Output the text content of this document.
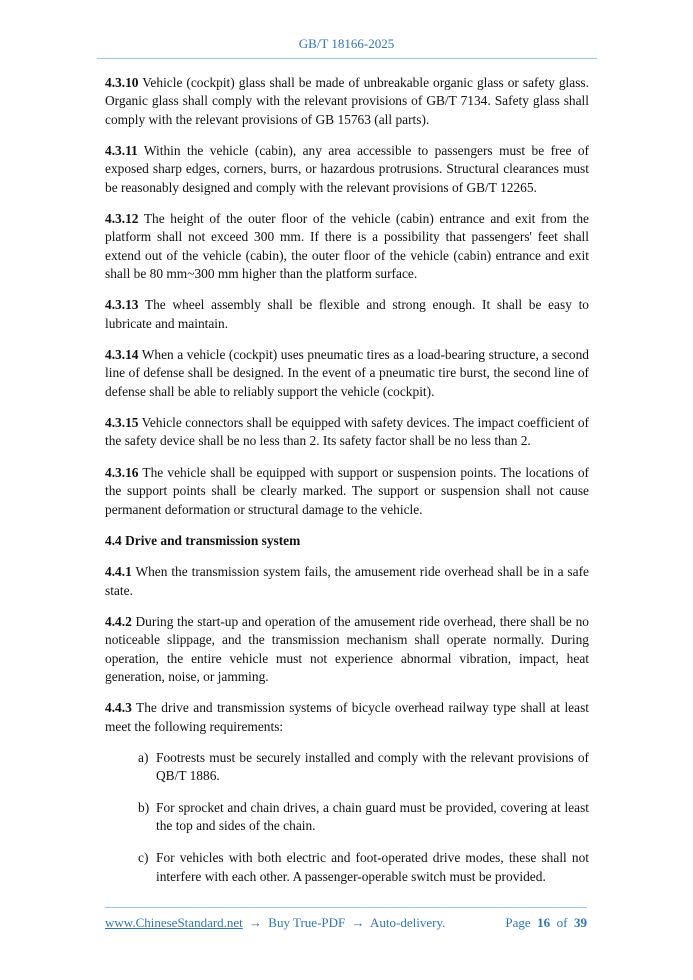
GB/T 18166-2025

4.3.10 Vehicle (cockpit) glass shall be made of unbreakable organic glass or safety glass. Organic glass shall comply with the relevant provisions of GB/T 7134. Safety glass shall comply with the relevant provisions of GB 15763 (all parts).

4.3.11 Within the vehicle (cabin), any area accessible to passengers must be free of exposed sharp edges, corners, burrs, or hazardous protrusions. Structural clearances must be reasonably designed and comply with the relevant provisions of GB/T 12265.

4.3.12 The height of the outer floor of the vehicle (cabin) entrance and exit from the platform shall not exceed 300 mm. If there is a possibility that passengers' feet shall extend out of the vehicle (cabin), the outer floor of the vehicle (cabin) entrance and exit shall be 80 mm~300 mm higher than the platform surface.

4.3.13 The wheel assembly shall be flexible and strong enough. It shall be easy to lubricate and maintain.

4.3.14 When a vehicle (cockpit) uses pneumatic tires as a load-bearing structure, a second line of defense shall be designed. In the event of a pneumatic tire burst, the second line of defense shall be able to reliably support the vehicle (cockpit).

4.3.15 Vehicle connectors shall be equipped with safety devices. The impact coefficient of the safety device shall be no less than 2. Its safety factor shall be no less than 2.

4.3.16 The vehicle shall be equipped with support or suspension points. The locations of the support points shall be clearly marked. The support or suspension shall not cause permanent deformation or structural damage to the vehicle.

4.4 Drive and transmission system

4.4.1 When the transmission system fails, the amusement ride overhead shall be in a safe state.

4.4.2 During the start-up and operation of the amusement ride overhead, there shall be no noticeable slippage, and the transmission mechanism shall operate normally. During operation, the entire vehicle must not experience abnormal vibration, impact, heat generation, noise, or jamming.

4.4.3 The drive and transmission systems of bicycle overhead railway type shall at least meet the following requirements:

a) Footrests must be securely installed and comply with the relevant provisions of QB/T 1886.

b) For sprocket and chain drives, a chain guard must be provided, covering at least the top and sides of the chain.

c) For vehicles with both electric and foot-operated drive modes, these shall not interfere with each other. A passenger-operable switch must be provided.

www.ChineseStandard.net → Buy True-PDF → Auto-delivery.	Page 16 of 39
